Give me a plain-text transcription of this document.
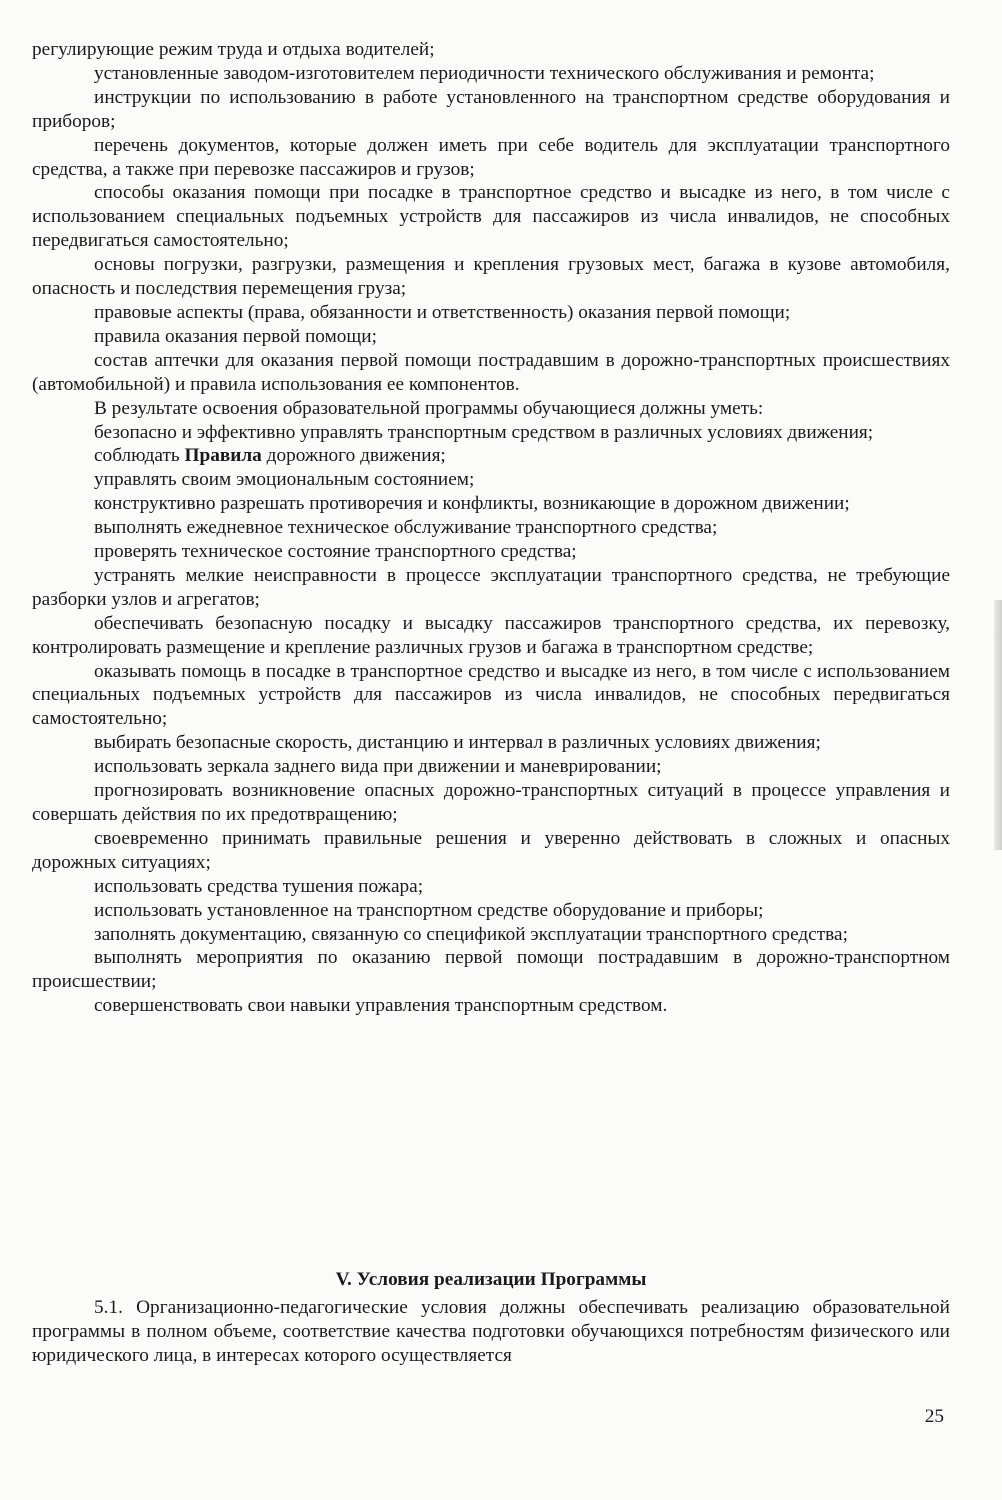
регулирующие режим труда и отдыха водителей;

установленные заводом-изготовителем периодичности технического обслуживания и ремонта;

инструкции по использованию в работе установленного на транспортном средстве оборудования и приборов;

перечень документов, которые должен иметь при себе водитель для эксплуатации транспортного средства, а также при перевозке пассажиров и грузов;

способы оказания помощи при посадке в транспортное средство и высадке из него, в том числе с использованием специальных подъемных устройств для пассажиров из числа инвалидов, не способных передвигаться самостоятельно;

основы погрузки, разгрузки, размещения и крепления грузовых мест, багажа в кузове автомобиля, опасность и последствия перемещения груза;

правовые аспекты (права, обязанности и ответственность) оказания первой помощи;

правила оказания первой помощи;

состав аптечки для оказания первой помощи пострадавшим в дорожно-транспортных происшествиях (автомобильной) и правила использования ее компонентов.

В результате освоения образовательной программы обучающиеся должны уметь:

безопасно и эффективно управлять транспортным средством в различных условиях движения;

соблюдать Правила дорожного движения;

управлять своим эмоциональным состоянием;

конструктивно разрешать противоречия и конфликты, возникающие в дорожном движении;

выполнять ежедневное техническое обслуживание транспортного средства;

проверять техническое состояние транспортного средства;

устранять мелкие неисправности в процессе эксплуатации транспортного средства, не требующие разборки узлов и агрегатов;

обеспечивать безопасную посадку и высадку пассажиров транспортного средства, их перевозку, контролировать размещение и крепление различных грузов и багажа в транспортном средстве;

оказывать помощь в посадке в транспортное средство и высадке из него, в том числе с использованием специальных подъемных устройств для пассажиров из числа инвалидов, не способных передвигаться самостоятельно;

выбирать безопасные скорость, дистанцию и интервал в различных условиях движения;

использовать зеркала заднего вида при движении и маневрировании;

прогнозировать возникновение опасных дорожно-транспортных ситуаций в процессе управления и совершать действия по их предотвращению;

своевременно принимать правильные решения и уверенно действовать в сложных и опасных дорожных ситуациях;

использовать средства тушения пожара;

использовать установленное на транспортном средстве оборудование и приборы;

заполнять документацию, связанную со спецификой эксплуатации транспортного средства;

выполнять мероприятия по оказанию первой помощи пострадавшим в дорожно-транспортном происшествии;

совершенствовать свои навыки управления транспортным средством.

V. Условия реализации Программы

5.1. Организационно-педагогические условия должны обеспечивать реализацию образовательной программы в полном объеме, соответствие качества подготовки обучающихся потребностям физического или юридического лица, в интересах которого осуществляется

25
